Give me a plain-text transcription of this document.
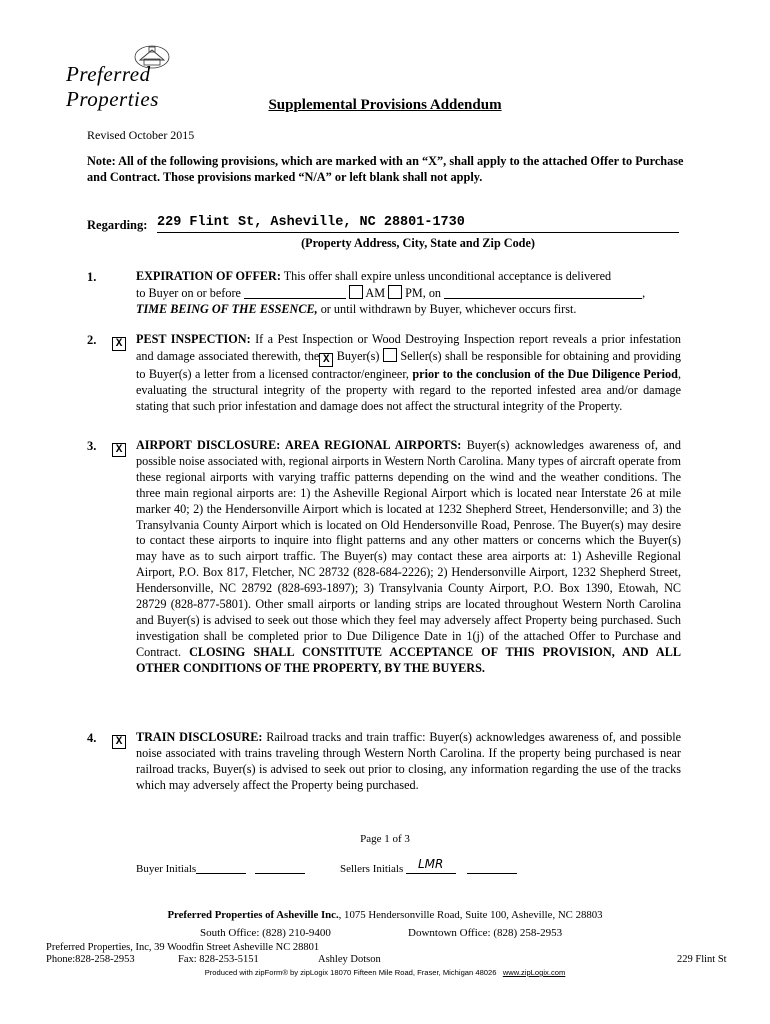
Preferred Properties	Supplemental Provisions Addendum
Revised October 2015
Note: All of the following provisions, which are marked with an “X”, shall apply to the attached Offer to Purchase and Contract. Those provisions marked “N/A” or left blank shall not apply.
Regarding: 229 Flint St, Asheville, NC 28801-1730
(Property Address, City, State and Zip Code)
1.	EXPIRATION OF OFFER: This offer shall expire unless unconditional acceptance is delivered
to Buyer on or before	AM PM, on	,
TIME BEING OF THE ESSENCE, or until withdrawn by Buyer, whichever occurs first.
2.	X	PEST INSPECTION: If a Pest Inspection or Wood Destroying Inspection report reveals a prior infestation and damage associated therewith, the X Buyer(s)  Seller(s) shall be responsible for obtaining and providing to Buyer(s) a letter from a licensed contractor/engineer, prior to the conclusion of the Due Diligence Period, evaluating the structural integrity of the property with regard to the reported infested area and/or damage stating that such prior infestation and damage does not affect the structural integrity of the Property.
3.	X	AIRPORT DISCLOSURE: AREA REGIONAL AIRPORTS: Buyer(s) acknowledges awareness of, and possible noise associated with, regional airports in Western North Carolina. Many types of aircraft operate from these regional airports with varying traffic patterns depending on the wind and the weather conditions. The three main regional airports are: 1) the Asheville Regional Airport which is located near Interstate 26 at mile marker 40; 2) the Hendersonville Airport which is located at 1232 Shepherd Street, Hendersonville; and 3) the Transylvania County Airport which is located on Old Hendersonville Road, Penrose. The Buyer(s) may desire to contact these airports to inquire into flight patterns and any other matters or concerns which the Buyer(s) may have as to such airport traffic. The Buyer(s) may contact these area airports at: 1) Asheville Regional Airport, P.O. Box 817, Fletcher, NC 28732 (828-684-2226); 2) Hendersonville Airport, 1232 Shepherd Street, Hendersonville, NC 28792 (828-693-1897); 3) Transylvania County Airport, P.O. Box 1390, Etowah, NC 28729 (828-877-5801). Other small airports or landing strips are located throughout Western North Carolina and Buyer(s) is advised to seek out those which they feel may adversely affect Property being purchased. Such investigation shall be completed prior to Due Diligence Date in 1(j) of the attached Offer to Purchase and Contract. CLOSING SHALL CONSTITUTE ACCEPTANCE OF THIS PROVISION, AND ALL OTHER CONDITIONS OF THE PROPERTY, BY THE BUYERS.
4.	X	TRAIN DISCLOSURE: Railroad tracks and train traffic: Buyer(s) acknowledges awareness of, and possible noise associated with trains traveling through Western North Carolina. If the property being purchased is near railroad tracks, Buyer(s) is advised to seek out prior to closing, any information regarding the use of the tracks which may adversely affect the Property being purchased.
Page 1 of 3
Buyer Initials	Sellers Initials LMR

Preferred Properties of Asheville Inc., 1075 Hendersonville Road, Suite 100, Asheville, NC 28803
South Office: (828) 210-9400	Downtown Office: (828) 258-2953
Preferred Properties, Inc, 39 Woodfin Street Asheville NC 28801
Phone:828-258-2953	Fax: 828-253-5151	Ashley Dotson	229 Flint St
Produced with zipForm® by zipLogix 18070 Fifteen Mile Road, Fraser, Michigan 48026 www.zipLogix.com
